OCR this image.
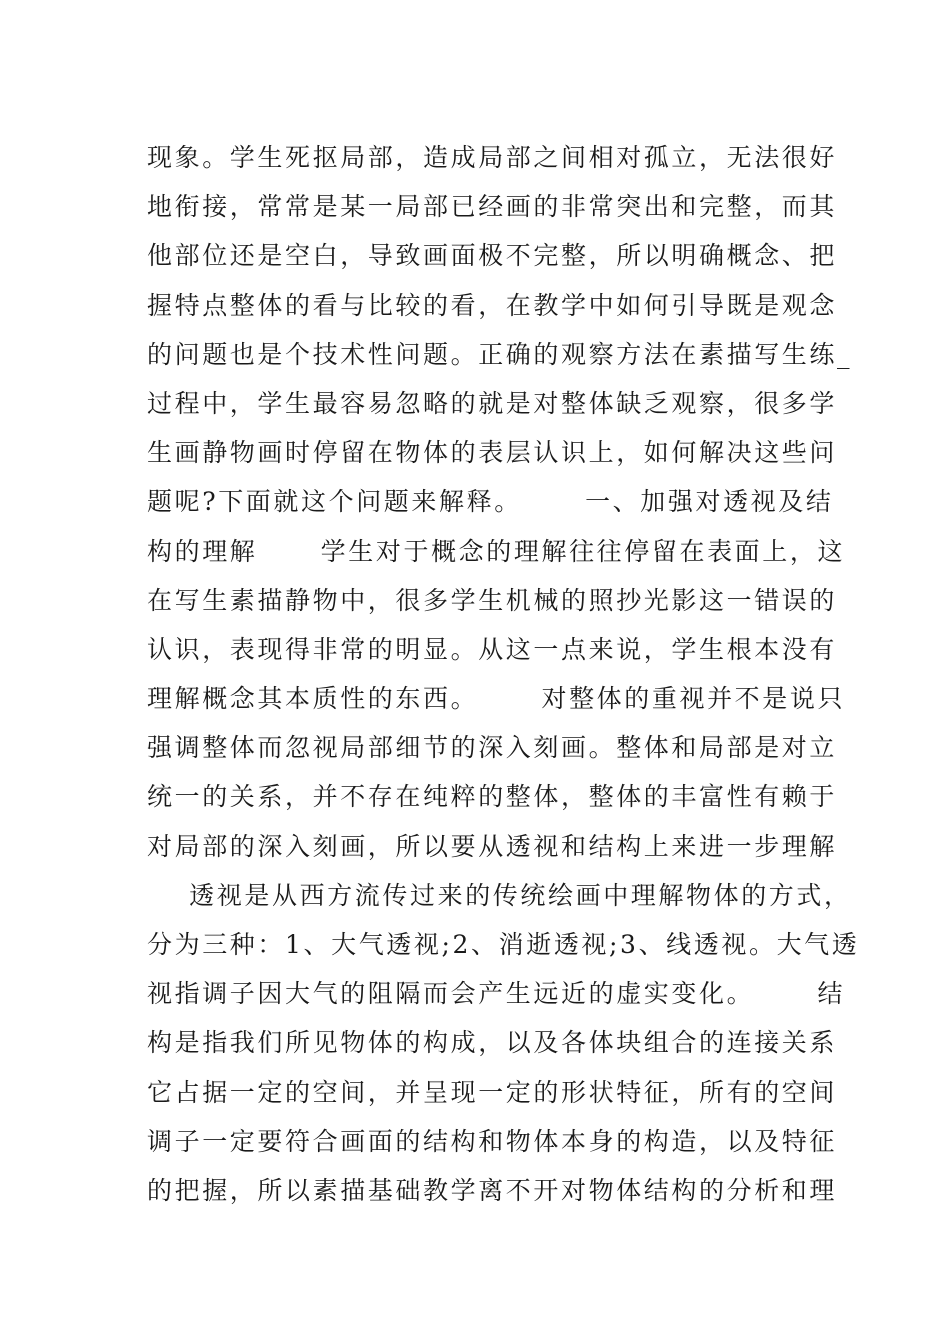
现象。学生死抠局部，造成局部之间相对孤立，无法很好
地衔接，常常是某一局部已经画的非常突出和完整，而其
他部位还是空白，导致画面极不完整，所以明确概念、把
握特点整体的看与比较的看，在教学中如何引导既是观念
的问题也是个技术性问题。正确的观察方法在素描写生练_
过程中，学生最容易忽略的就是对整体缺乏观察，很多学
生画静物画时停留在物体的表层认识上，如何解决这些问
题呢?下面就这个问题来解释。      一、加强对透视及结
构的理解      学生对于概念的理解往往停留在表面上，这
在写生素描静物中，很多学生机械的照抄光影这一错误的
认识，表现得非常的明显。从这一点来说，学生根本没有
理解概念其本质性的东西。      对整体的重视并不是说只
强调整体而忽视局部细节的深入刻画。整体和局部是对立
统一的关系，并不存在纯粹的整体，整体的丰富性有赖于
对局部的深入刻画，所以要从透视和结构上来进一步理解
透视是从西方流传过来的传统绘画中理解物体的方式，
分为三种：1、大气透视;2、消逝透视;3、线透视。大气透
视指调子因大气的阻隔而会产生远近的虚实变化。      结
构是指我们所见物体的构成，以及各体块组合的连接关系
它占据一定的空间，并呈现一定的形状特征，所有的空间
调子一定要符合画面的结构和物体本身的构造，以及特征
的把握，所以素描基础教学离不开对物体结构的分析和理
